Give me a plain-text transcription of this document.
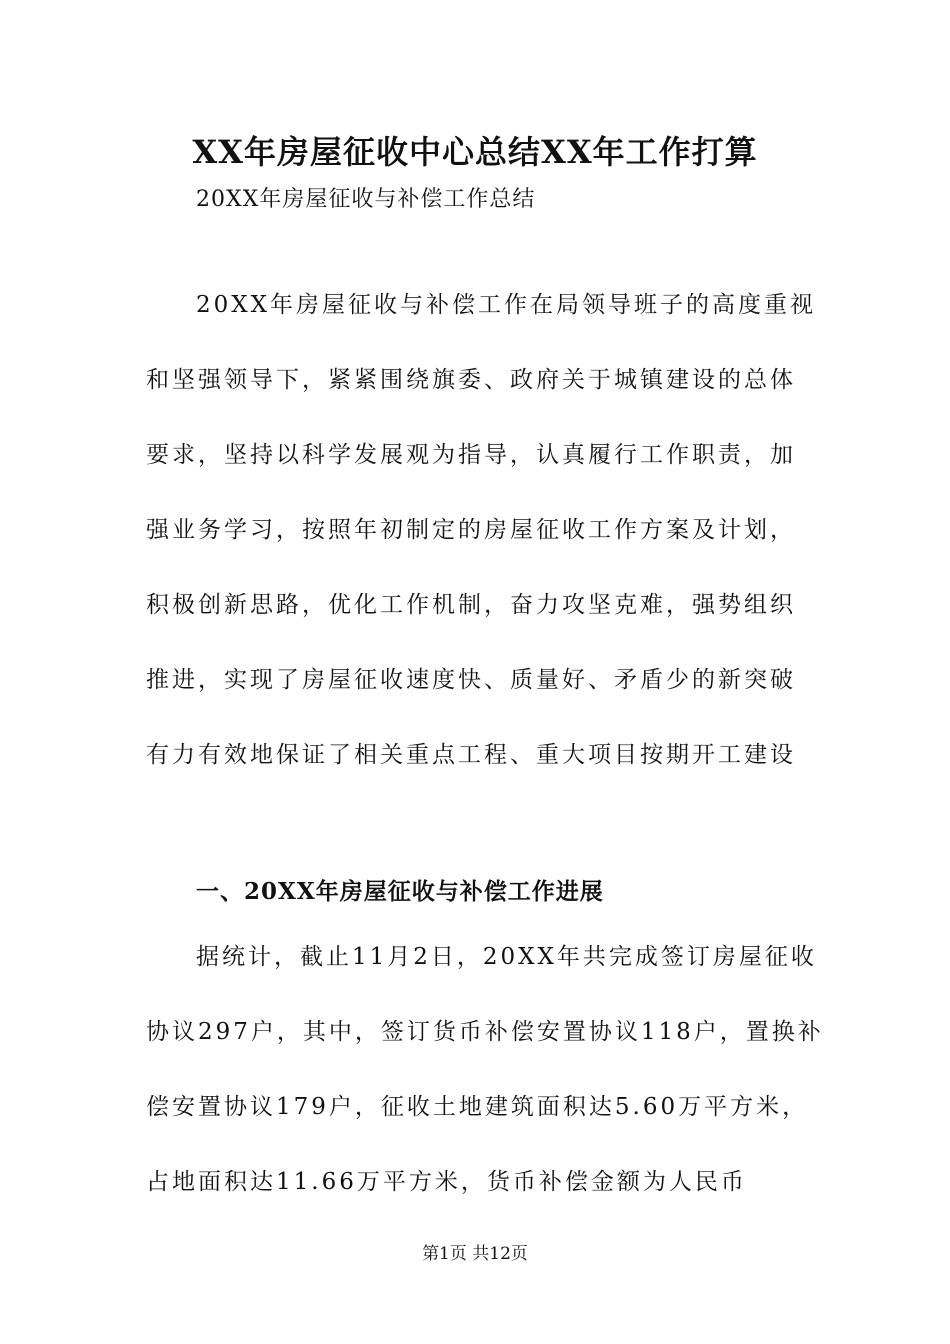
XX年房屋征收中心总结XX年工作打算
20XX年房屋征收与补偿工作总结

20XX年房屋征收与补偿工作在局领导班子的高度重视

和坚强领导下，紧紧围绕旗委、政府关于城镇建设的总体

要求，坚持以科学发展观为指导，认真履行工作职责，加

强业务学习，按照年初制定的房屋征收工作方案及计划，

积极创新思路，优化工作机制，奋力攻坚克难，强势组织

推进，实现了房屋征收速度快、质量好、矛盾少的新突破

有力有效地保证了相关重点工程、重大项目按期开工建设

一、20XX年房屋征收与补偿工作进展

据统计，截止11月2日，20XX年共完成签订房屋征收

协议297户，其中，签订货币补偿安置协议118户，置换补

偿安置协议179户，征收土地建筑面积达5.60万平方米，

占地面积达11.66万平方米，货币补偿金额为人民币

第1页 共12页
